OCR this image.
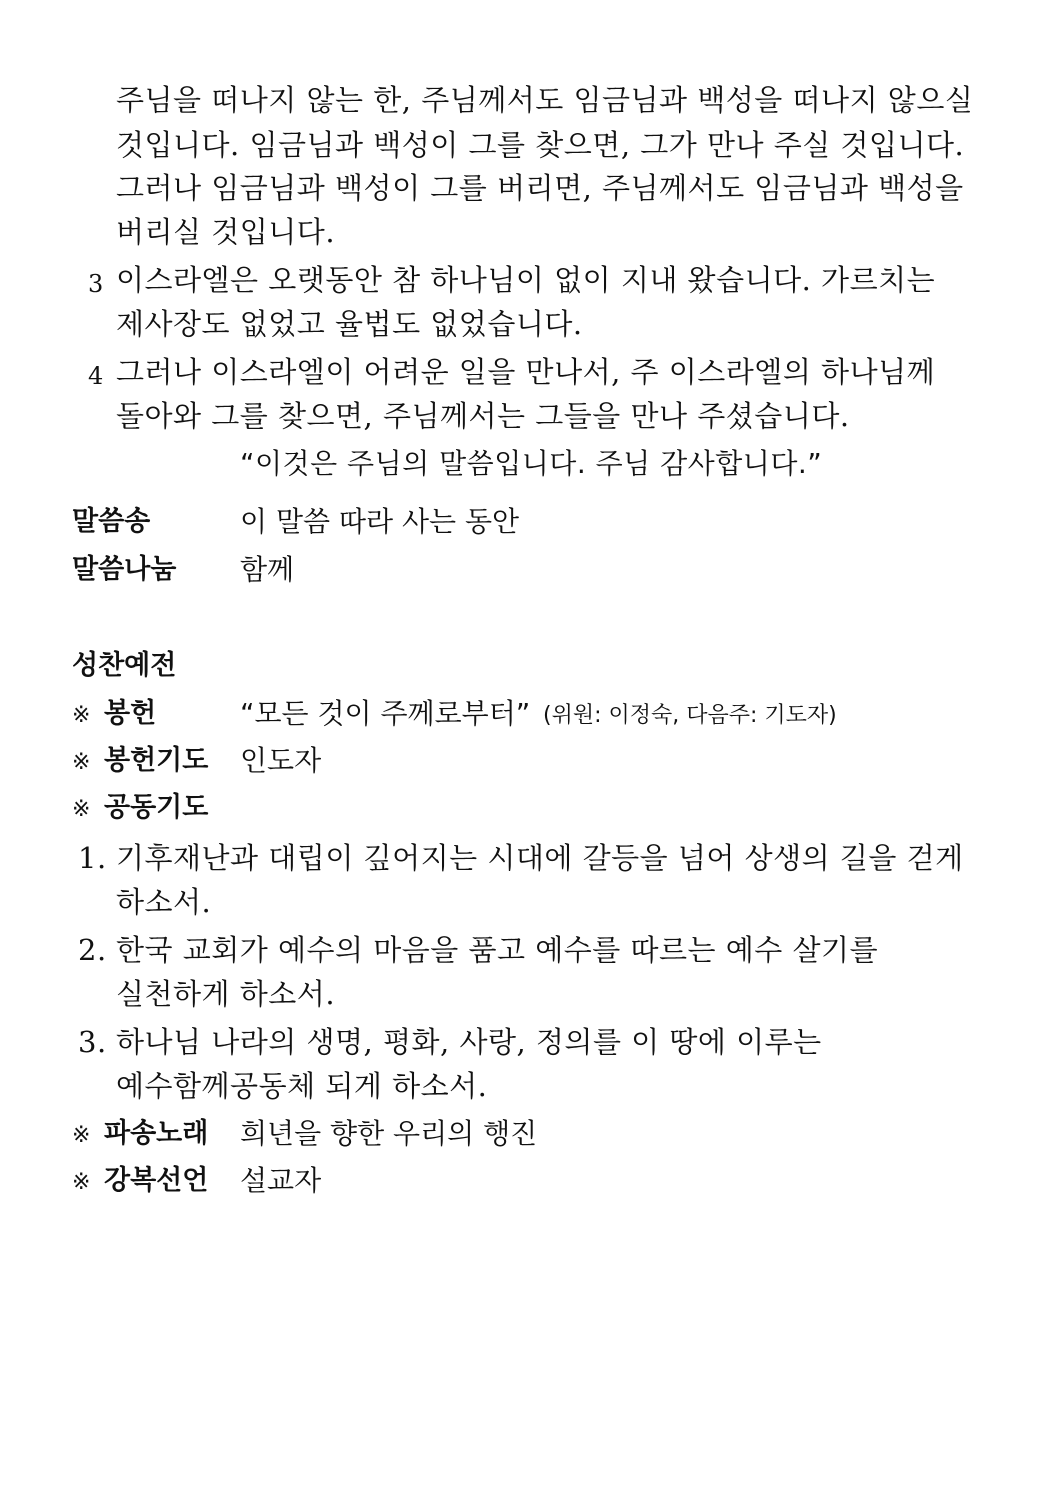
주님을 떠나지 않는 한, 주님께서도 임금님과 백성을 떠나지 않으실
것입니다. 임금님과 백성이 그를 찾으면, 그가 만나 주실 것입니다.
그러나 임금님과 백성이 그를 버리면, 주님께서도 임금님과 백성을
버리실 것입니다.
3 이스라엘은 오랫동안 참 하나님이 없이 지내 왔습니다. 가르치는
제사장도 없었고 율법도 없었습니다.
4 그러나 이스라엘이 어려운 일을 만나서, 주 이스라엘의 하나님께
돌아와 그를 찾으면, 주님께서는 그들을 만나 주셨습니다.
“이것은 주님의 말씀입니다. 주님 감사합니다.”
말씀송	이 말씀 따라 사는 동안
말씀나눔 함께
성찬예전
※ 봉헌	“모든 것이 주께로부터” (위원: 이정숙, 다음주: 기도자)
※ 봉헌기도 인도자
※ 공동기도
1. 기후재난과 대립이 깊어지는 시대에 갈등을 넘어 상생의 길을 걷게
하소서.
2. 한국 교회가 예수의 마음을 품고 예수를 따르는 예수 살기를
실천하게 하소서.
3. 하나님 나라의 생명, 평화, 사랑, 정의를 이 땅에 이루는
예수함께공동체 되게 하소서.
※ 파송노래 희년을 향한 우리의 행진
※ 강복선언 설교자
